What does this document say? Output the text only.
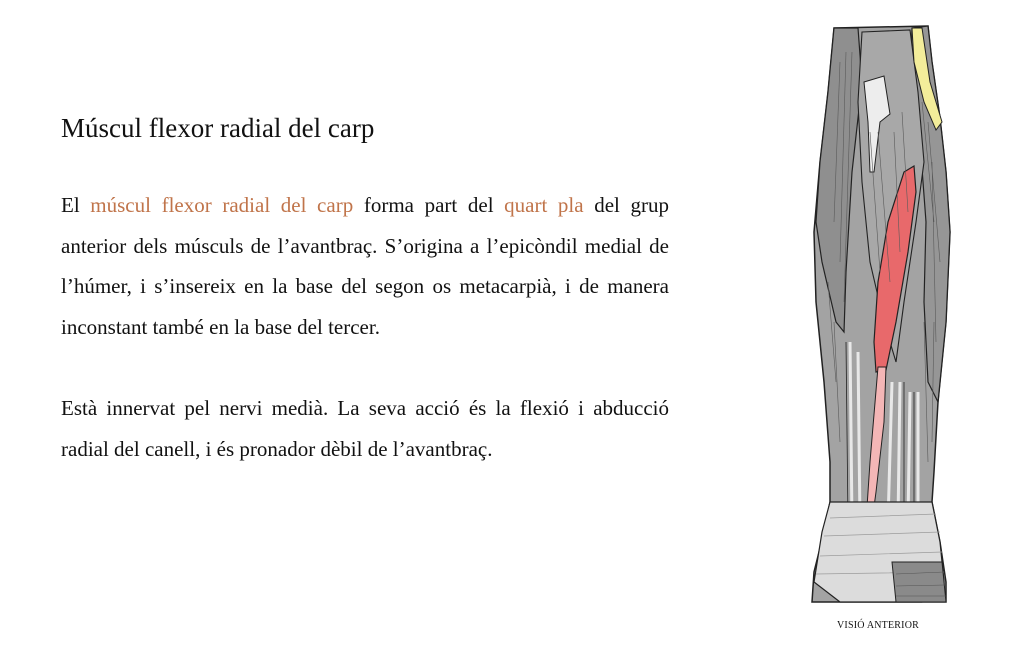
Múscul flexor radial del carp

El múscul flexor radial del carp forma part del quart pla del grup anterior dels músculs de l’avantbraç. S’origina a l’epicòndil medial de l’húmer, i s’insereix en la base del segon os metacarpià, i de manera inconstant també en la base del tercer.

Està innervat pel nervi medià. La seva acció és la flexió i abducció radial del canell, i és pronador dèbil de l’avantbraç.

VISIÓ ANTERIOR
